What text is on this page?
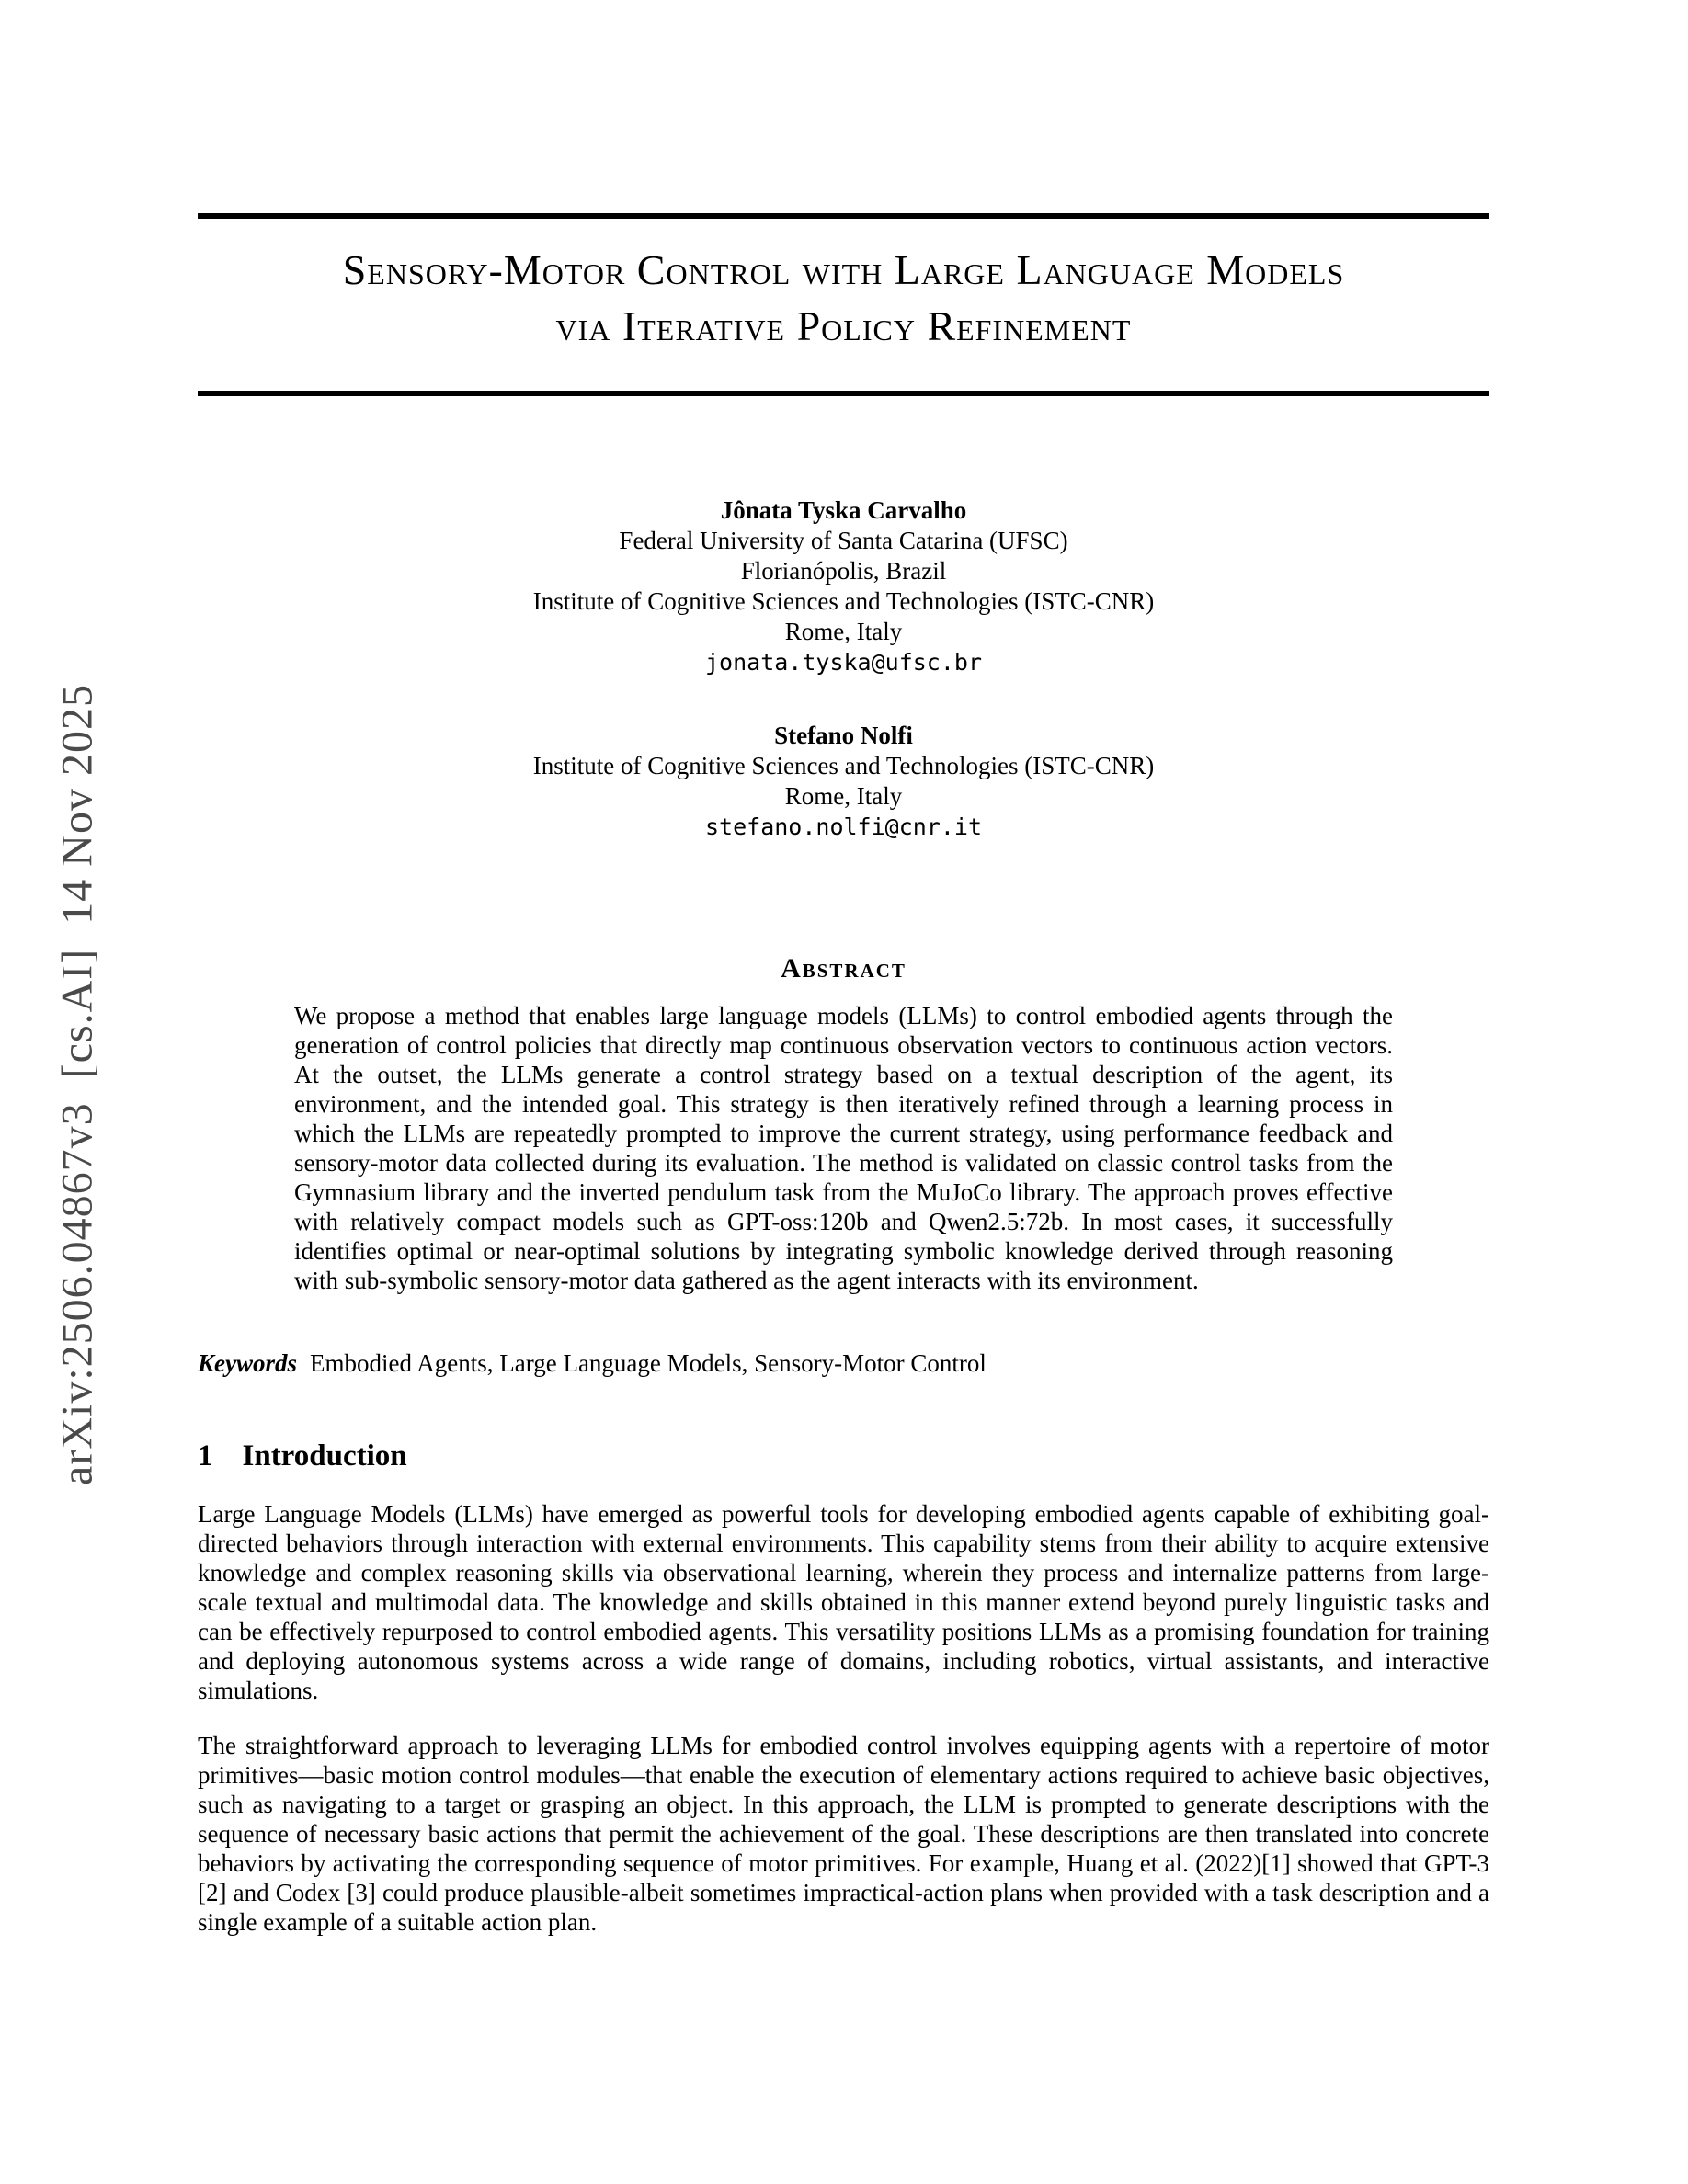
arXiv:2506.04867v3  [cs.AI]  14 Nov 2025
Sensory-Motor Control with Large Language Models
via Iterative Policy Refinement
Jônata Tyska Carvalho
Federal University of Santa Catarina (UFSC)
Florianópolis, Brazil
Institute of Cognitive Sciences and Technologies (ISTC-CNR)
Rome, Italy
jonata.tyska@ufsc.br
Stefano Nolfi
Institute of Cognitive Sciences and Technologies (ISTC-CNR)
Rome, Italy
stefano.nolfi@cnr.it
Abstract

We propose a method that enables large language models (LLMs) to control embodied agents through the generation of control policies that directly map continuous observation vectors to continuous action vectors. At the outset, the LLMs generate a control strategy based on a textual description of the agent, its environment, and the intended goal. This strategy is then iteratively refined through a learning process in which the LLMs are repeatedly prompted to improve the current strategy, using performance feedback and sensory-motor data collected during its evaluation. The method is validated on classic control tasks from the Gymnasium library and the inverted pendulum task from the MuJoCo library. The approach proves effective with relatively compact models such as GPT-oss:120b and Qwen2.5:72b. In most cases, it successfully identifies optimal or near-optimal solutions by integrating symbolic knowledge derived through reasoning with sub-symbolic sensory-motor data gathered as the agent interacts with its environment.

Keywords Embodied Agents, Large Language Models, Sensory-Motor Control
1 Introduction

Large Language Models (LLMs) have emerged as powerful tools for developing embodied agents capable of exhibiting goal-directed behaviors through interaction with external environments. This capability stems from their ability to acquire extensive knowledge and complex reasoning skills via observational learning, wherein they process and internalize patterns from large-scale textual and multimodal data. The knowledge and skills obtained in this manner extend beyond purely linguistic tasks and can be effectively repurposed to control embodied agents. This versatility positions LLMs as a promising foundation for training and deploying autonomous systems across a wide range of domains, including robotics, virtual assistants, and interactive simulations.

The straightforward approach to leveraging LLMs for embodied control involves equipping agents with a repertoire of motor primitives—basic motion control modules—that enable the execution of elementary actions required to achieve basic objectives, such as navigating to a target or grasping an object. In this approach, the LLM is prompted to generate descriptions with the sequence of necessary basic actions that permit the achievement of the goal. These descriptions are then translated into concrete behaviors by activating the corresponding sequence of motor primitives. For example, Huang et al. (2022)[1] showed that GPT-3 [2] and Codex [3] could produce plausible-albeit sometimes impractical-action plans when provided with a task description and a single example of a suitable action plan.
